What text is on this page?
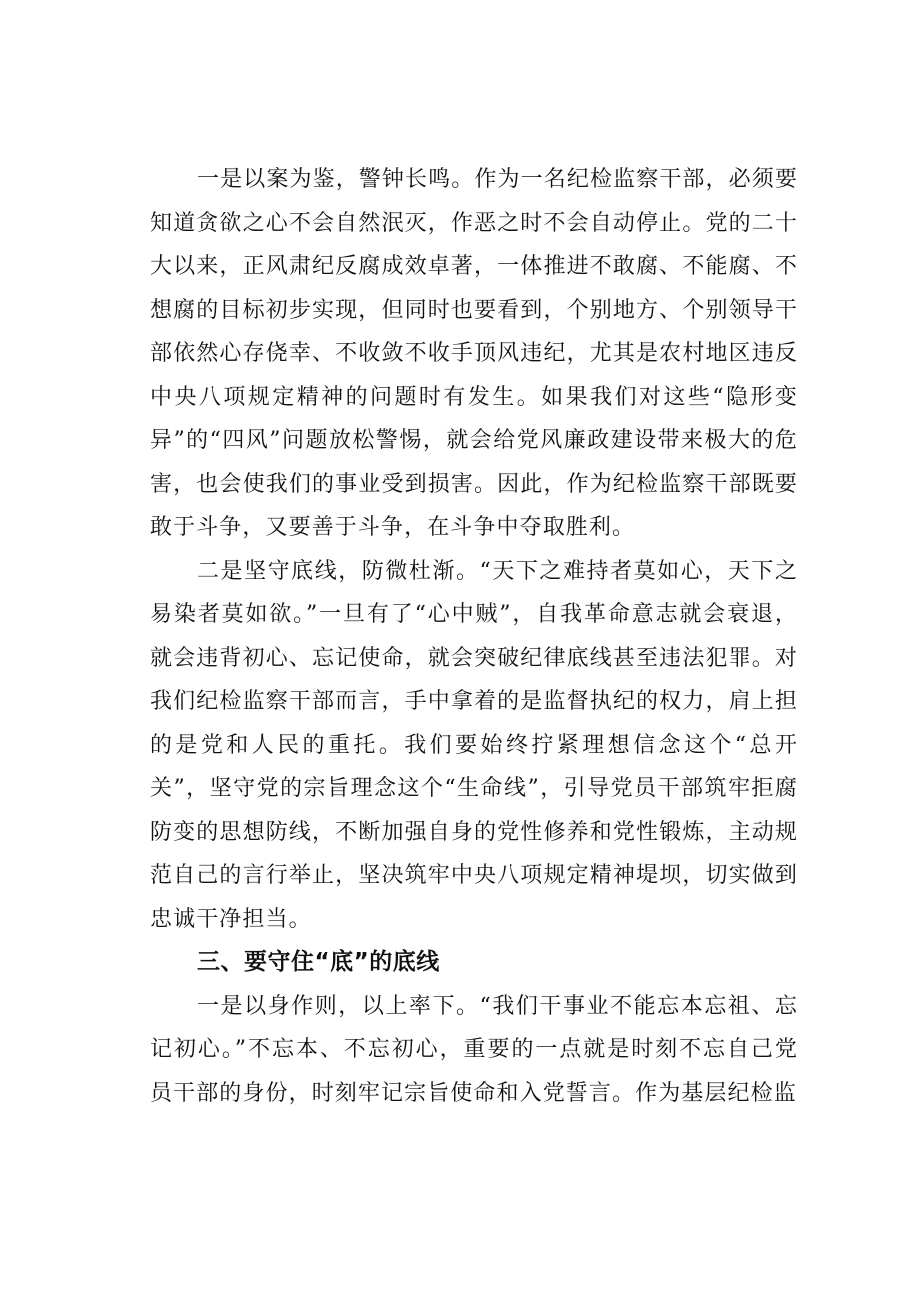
一是以案为鉴，警钟长鸣。作为一名纪检监察干部，必须要知道贪欲之心不会自然泯灭，作恶之时不会自动停止。党的二十大以来，正风肃纪反腐成效卓著，一体推进不敢腐、不能腐、不想腐的目标初步实现，但同时也要看到，个别地方、个别领导干部依然心存侥幸、不收敛不收手顶风违纪，尤其是农村地区违反中央八项规定精神的问题时有发生。如果我们对这些“隐形变异”的“四风”问题放松警惕，就会给党风廉政建设带来极大的危害，也会使我们的事业受到损害。因此，作为纪检监察干部既要敢于斗争，又要善于斗争，在斗争中夺取胜利。

二是坚守底线，防微杜渐。“天下之难持者莫如心，天下之易染者莫如欲。”一旦有了“心中贼”，自我革命意志就会衰退，就会违背初心、忘记使命，就会突破纪律底线甚至违法犯罪。对我们纪检监察干部而言，手中拿着的是监督执纪的权力，肩上担的是党和人民的重托。我们要始终拧紧理想信念这个“总开关”，坚守党的宗旨理念这个“生命线”，引导党员干部筑牢拒腐防变的思想防线，不断加强自身的党性修养和党性锻炼，主动规范自己的言行举止，坚决筑牢中央八项规定精神堤坝，切实做到忠诚干净担当。

三、要守住“底”的底线

一是以身作则，以上率下。“我们干事业不能忘本忘祖、忘记初心。”不忘本、不忘初心，重要的一点就是时刻不忘自己党员干部的身份，时刻牢记宗旨使命和入党誓言。作为基层纪检监
